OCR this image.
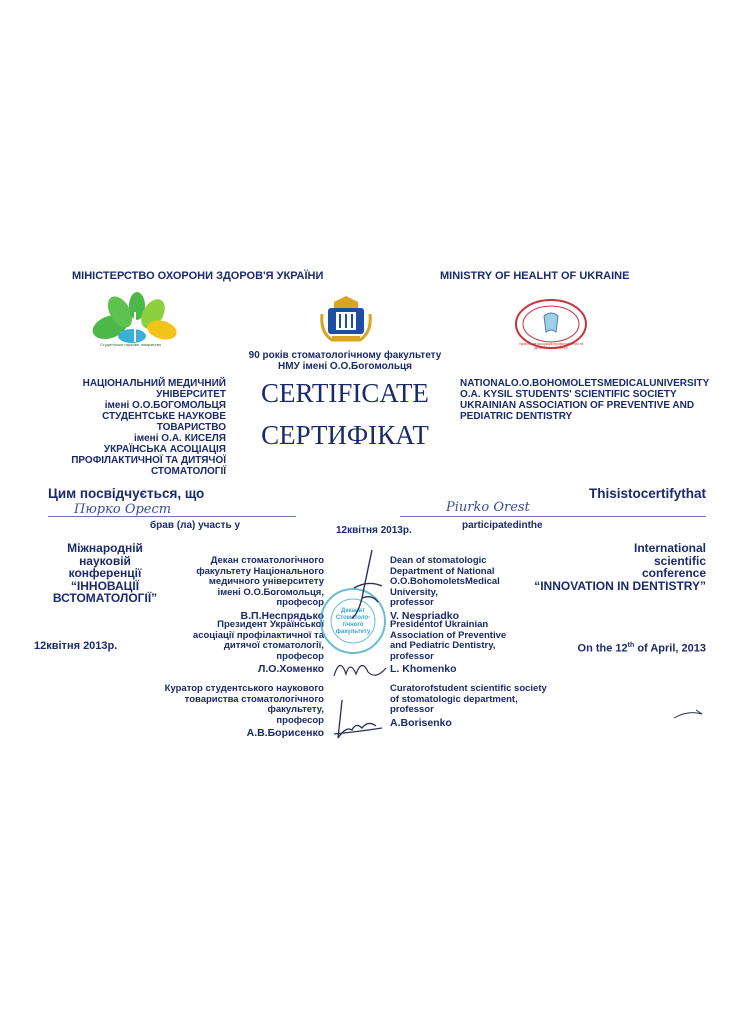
МІНІСТЕРСТВО ОХОРОНИ ЗДОРОВ'Я УКРАЇНИ	MINISTRY OF HEALHT OF UKRAINE
Студентське наукове товариство	Українська асоціація профілактичної та дитячої стоматології
90 років стоматологічному факультету
НМУ імені О.О.Богомольця
CERTIFICATE
СЕРТИФІКАТ
НАЦІОНАЛЬНИЙ МЕДИЧНИЙ
УНІВЕРСИТЕТ
імені О.О.БОГОМОЛЬЦЯ
СТУДЕНТСЬКЕ НАУКОВЕ
ТОВАРИСТВО
імені О.А. КИСЕЛЯ
УКРАЇНСЬКА АСОЦІАЦІЯ
ПРОФІЛАКТИЧНОЇ ТА ДИТЯЧОЇ
СТОМАТОЛОГІЇ
NATIONALO.O.BOHOMOLETSMEDICALUNIVERSITY
O.A. KYSIL STUDENTS' SCIENTIFIC SOCIETY
UKRAINIAN ASSOCIATION OF PREVENTIVE AND
PEDIATRIC DENTISTRY
Цим посвідчується, що
Пюрко Орест
Thisistocertifythat
Piurko Orest
брав (ла) участь у	12квітня 2013р.	participatedinthe
Міжнародній
науковій
конференції
“ІННОВАЦІЇ
ВСТОМАТОЛОГІЇ”
International
scientific
conference
“INNOVATION IN DENTISTRY”
12квітня 2013р.	On the 12th of April, 2013
Декан стоматологічного
факультету Національного
медичного університету
імені О.О.Богомольця,
професор
В.П.Неспрядько
Президент Української
асоціації профілактичної та
дитячої стоматології,
професор
Л.О.Хоменко
Куратор студентського наукового
товариства стоматологічного факультету,
професор
А.В.Борисенко
Dean of stomatologic
Department of National
O.O.BohomoletsMedical
University,
professor
V. Nespriadko
Presidentof Ukrainian
Association of Preventive
and Pediatric Dentistry,
professor
L. Khomenko
Curatorofstudent scientific society
of stomatologic department,
professor
A.Borisenko
Деканат
Стоматоло-
гічного
факультету
